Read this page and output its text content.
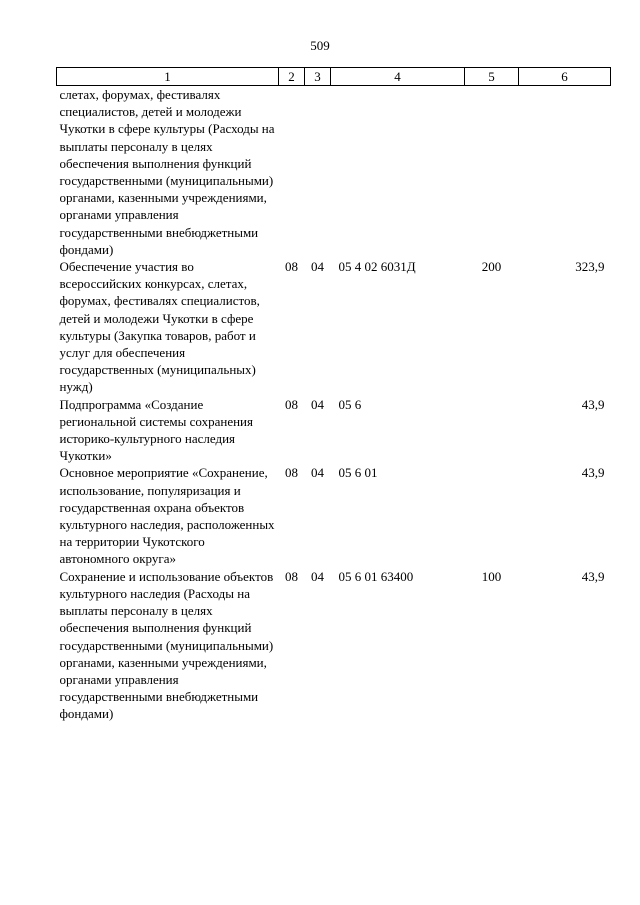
509
1	2	3	4	5	6
слетах, форумах, фестивалях специалистов, детей и молодежи Чукотки в сфере культуры (Расходы на выплаты персоналу в целях обеспечения выполнения функций государственными (муниципальными) органами, казенными учреждениями, органами управления государственными внебюджетными фондами)					
Обеспечение участия во всероссийских конкурсах, слетах, форумах, фестивалях специалистов, детей и молодежи Чукотки в сфере культуры (Закупка товаров, работ и услуг для обеспечения государственных (муниципальных) нужд)	08	04	05 4 02 6031Д	200	323,9
Подпрограмма «Создание региональной системы сохранения историко-культурного наследия Чукотки»	08	04	05 6		43,9
Основное мероприятие «Сохранение, использование, популяризация и государственная охрана объектов культурного наследия, расположенных на территории Чукотского автономного округа»	08	04	05 6 01		43,9
Сохранение и использование объектов культурного наследия (Расходы на выплаты персоналу в целях обеспечения выполнения функций государственными (муниципальными) органами, казенными учреждениями, органами управления государственными внебюджетными фондами)	08	04	05 6 01 63400	100	43,9
